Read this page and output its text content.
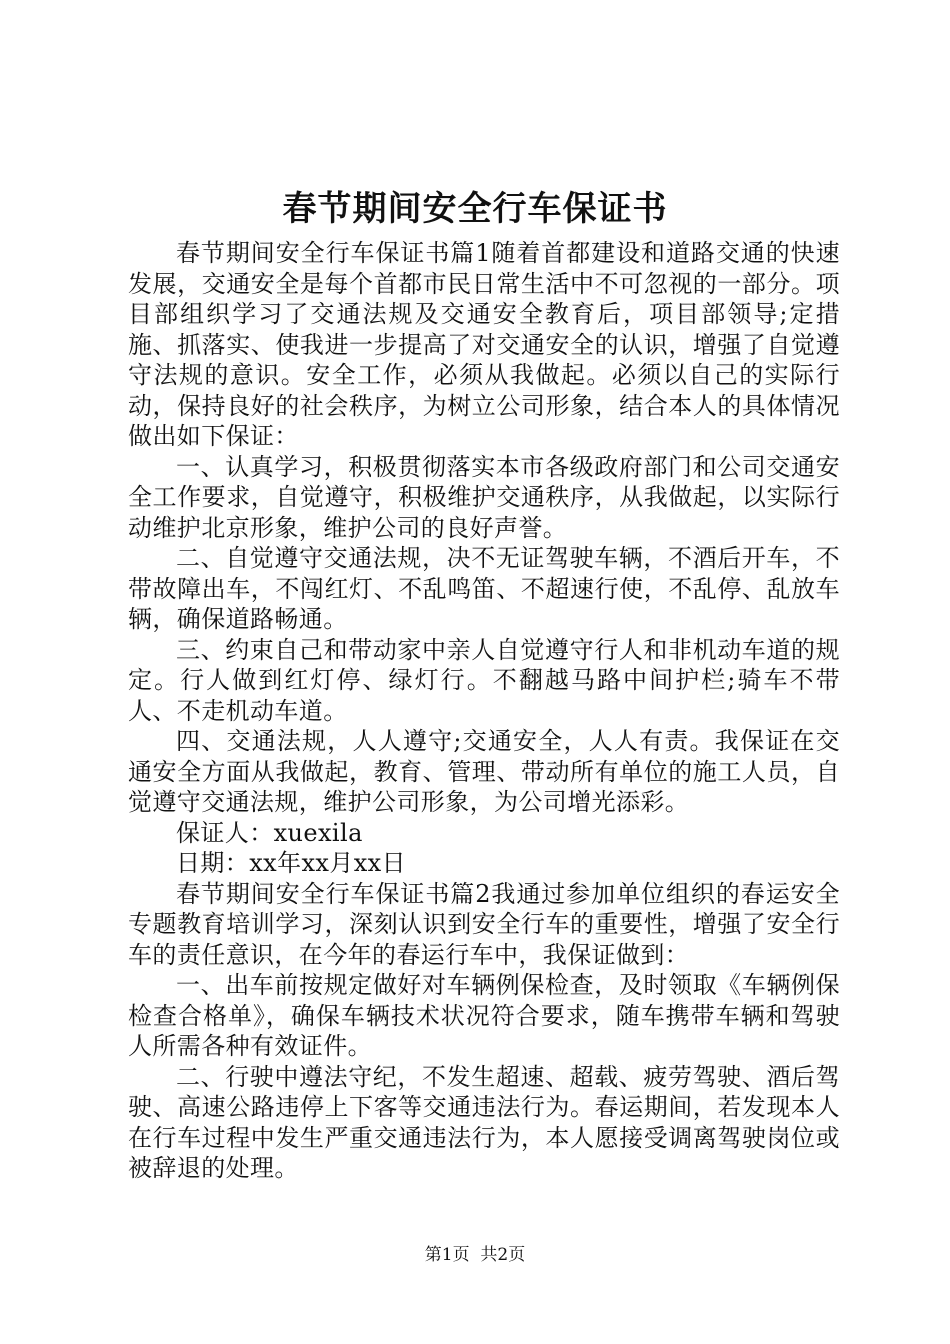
春节期间安全行车保证书

春节期间安全行车保证书篇1随着首都建设和道路交通的快速发展，交通安全是每个首都市民日常生活中不可忽视的一部分。项目部组织学习了交通法规及交通安全教育后，项目部领导;定措施、抓落实、使我进一步提高了对交通安全的认识，增强了自觉遵守法规的意识。安全工作，必须从我做起。必须以自己的实际行动，保持良好的社会秩序，为树立公司形象，结合本人的具体情况做出如下保证：

一、认真学习，积极贯彻落实本市各级政府部门和公司交通安全工作要求，自觉遵守，积极维护交通秩序，从我做起，以实际行动维护北京形象，维护公司的良好声誉。

二、自觉遵守交通法规，决不无证驾驶车辆，不酒后开车，不带故障出车，不闯红灯、不乱鸣笛、不超速行使，不乱停、乱放车辆，确保道路畅通。

三、约束自己和带动家中亲人自觉遵守行人和非机动车道的规定。行人做到红灯停、绿灯行。不翻越马路中间护栏;骑车不带人、不走机动车道。

四、交通法规，人人遵守;交通安全，人人有责。我保证在交通安全方面从我做起，教育、管理、带动所有单位的施工人员，自觉遵守交通法规，维护公司形象，为公司增光添彩。

保证人：xuexila

日期：xx年xx月xx日

春节期间安全行车保证书篇2我通过参加单位组织的春运安全专题教育培训学习，深刻认识到安全行车的重要性，增强了安全行车的责任意识，在今年的春运行车中，我保证做到：

一、出车前按规定做好对车辆例保检查，及时领取《车辆例保检查合格单》，确保车辆技术状况符合要求，随车携带车辆和驾驶人所需各种有效证件。

二、行驶中遵法守纪，不发生超速、超载、疲劳驾驶、酒后驾驶、高速公路违停上下客等交通违法行为。春运期间，若发现本人在行车过程中发生严重交通违法行为，本人愿接受调离驾驶岗位或被辞退的处理。

第1页 共2页
